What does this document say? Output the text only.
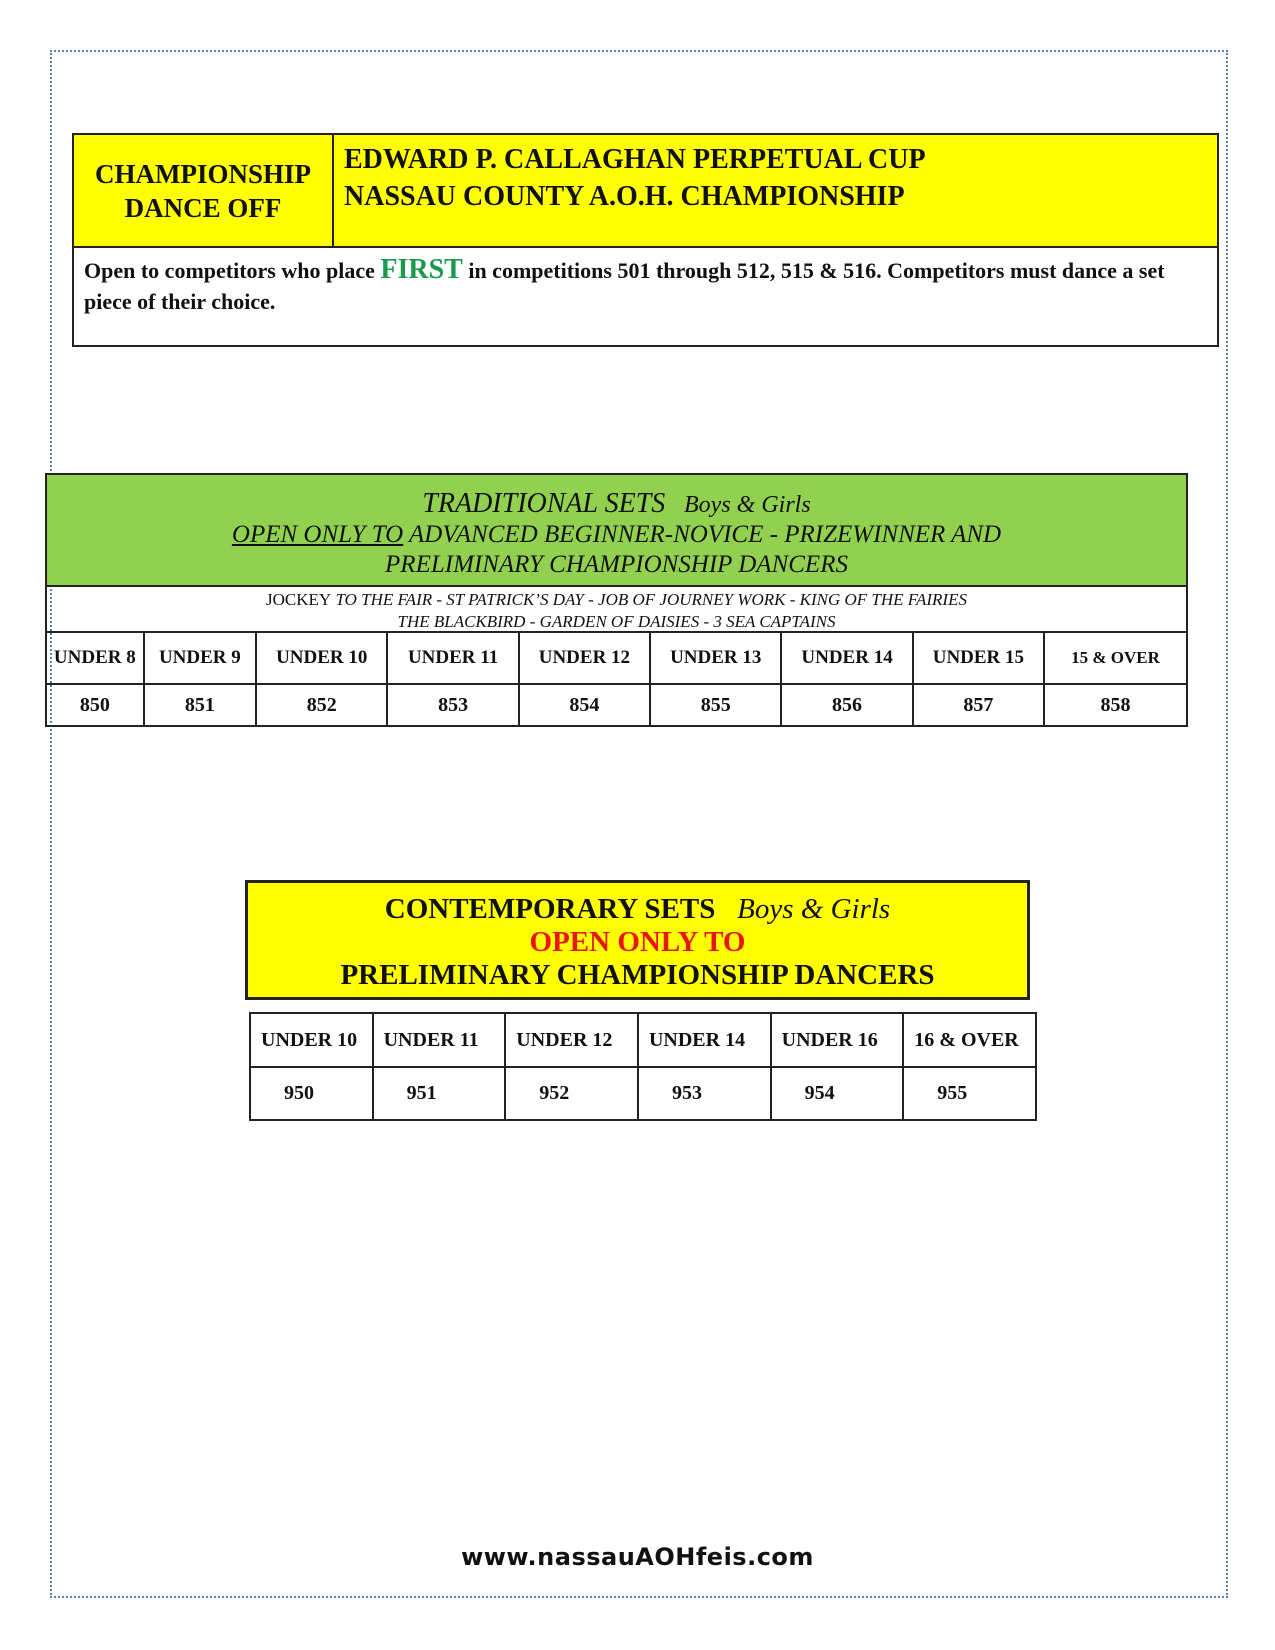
CHAMPIONSHIP
DANCE OFF
EDWARD P. CALLAGHAN PERPETUAL CUP
NASSAU COUNTY A.O.H. CHAMPIONSHIP
Open to competitors who place FIRST in competitions 501 through 512, 515 & 516. Competitors must dance a set piece of their choice.
TRADITIONAL SETS Boys & Girls
OPEN ONLY TO ADVANCED BEGINNER-NOVICE - PRIZEWINNER AND
PRELIMINARY CHAMPIONSHIP DANCERS
JOCKEY TO THE FAIR - ST PATRICK’S DAY - JOB OF JOURNEY WORK - KING OF THE FAIRIES
THE BLACKBIRD - GARDEN OF DAISIES - 3 SEA CAPTAINS
UNDER 8	UNDER 9	UNDER 10	UNDER 11	UNDER 12	UNDER 13	UNDER 14	UNDER 15	15 & OVER
850	851	852	853	854	855	856	857	858
CONTEMPORARY SETS Boys & Girls
OPEN ONLY TO
PRELIMINARY CHAMPIONSHIP DANCERS
UNDER 10	UNDER 11	UNDER 12	UNDER 14	UNDER 16	16 & OVER
950	951	952	953	954	955
www.nassauAOHfeis.com
